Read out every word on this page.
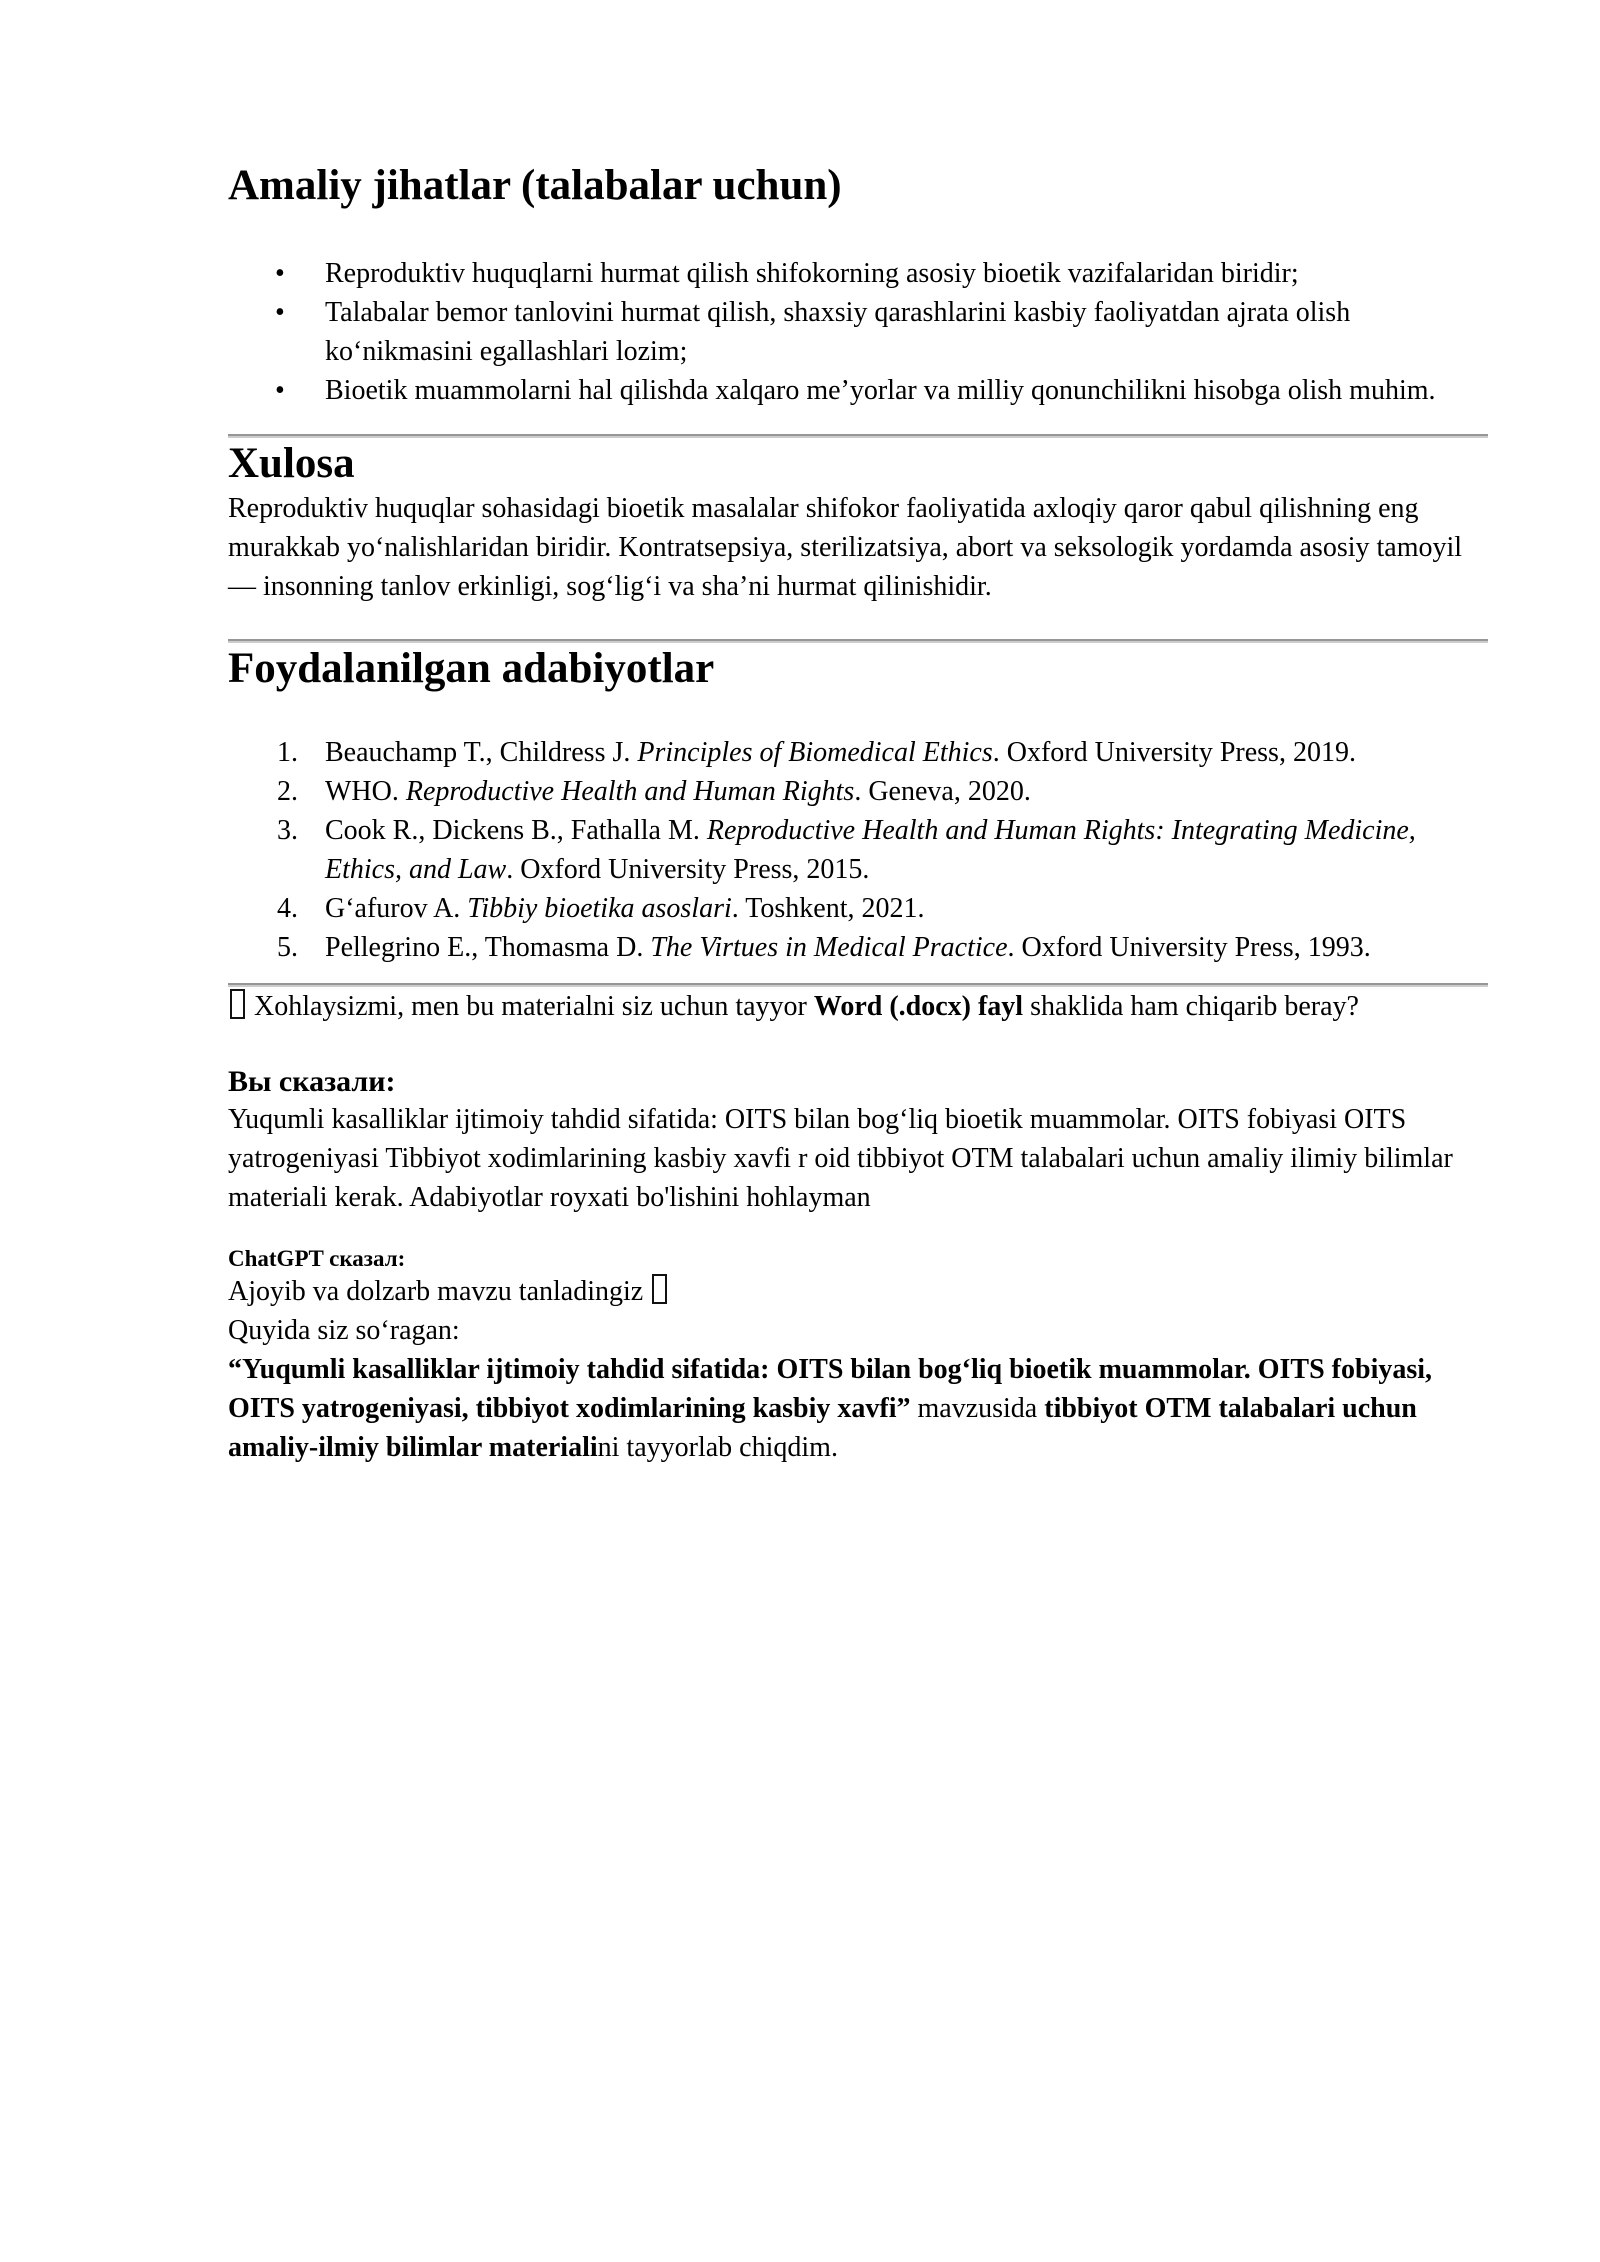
Amaliy jihatlar (talabalar uchun)
• Reproduktiv huquqlarni hurmat qilish shifokorning asosiy bioetik vazifalaridan biridir;
• Talabalar bemor tanlovini hurmat qilish, shaxsiy qarashlarini kasbiy faoliyatdan ajrata olish koʻnikmasini egallashlari lozim;
• Bioetik muammolarni hal qilishda xalqaro me’yorlar va milliy qonunchilikni hisobga olish muhim.
Xulosa

Reproduktiv huquqlar sohasidagi bioetik masalalar shifokor faoliyatida axloqiy qaror qabul qilishning eng murakkab yoʻnalishlaridan biridir. Kontratsepsiya, sterilizatsiya, abort va seksologik yordamda asosiy tamoyil — insonning tanlov erkinligi, sogʻligʻi va sha’ni hurmat qilinishidir.

Foydalanilgan adabiyotlar
Beauchamp T., Childress J. Principles of Biomedical Ethics. Oxford University Press, 2019.
WHO. Reproductive Health and Human Rights. Geneva, 2020.
Cook R., Dickens B., Fathalla M. Reproductive Health and Human Rights: Integrating Medicine, Ethics, and Law. Oxford University Press, 2015.
Gʻafurov A. Tibbiy bioetika asoslari. Toshkent, 2021.
Pellegrino E., Thomasma D. The Virtues in Medical Practice. Oxford University Press, 1993.

Xohlaysizmi, men bu materialni siz uchun tayyor Word (.docx) fayl shaklida ham chiqarib beray?

Вы сказали:

Yuqumli kasalliklar ijtimoiy tahdid sifatida: OITS bilan bogʻliq bioetik muammolar. OITS fobiyasi OITS yatrogeniyasi Tibbiyot xodimlarining kasbiy xavfi r oid tibbiyot OTM talabalari uchun amaliy ilimiy bilimlar materiali kerak. Adabiyotlar royxati bo'lishini hohlayman

ChatGPT сказал:

Ajoyib va dolzarb mavzu tanladingiz

Quyida siz soʻragan:

“Yuqumli kasalliklar ijtimoiy tahdid sifatida: OITS bilan bogʻliq bioetik muammolar. OITS fobiyasi, OITS yatrogeniyasi, tibbiyot xodimlarining kasbiy xavfi” mavzusida tibbiyot OTM talabalari uchun amaliy-ilmiy bilimlar materialini tayyorlab chiqdim.
